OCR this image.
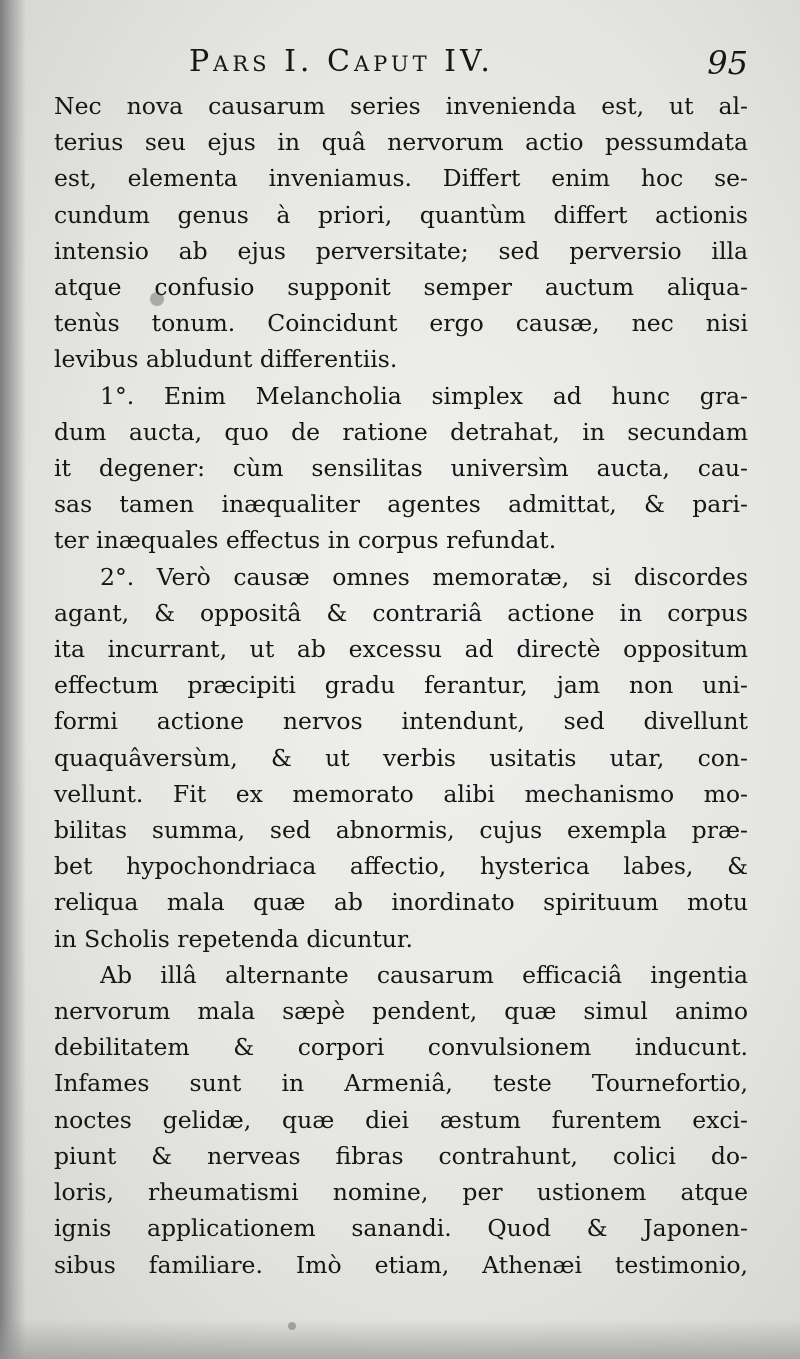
Pars I. Caput IV.	95
Nec nova causarum series invenienda est, ut al-
terius seu ejus in quâ nervorum actio pessumdata
est, elementa inveniamus. Differt enim hoc se-
cundum genus à priori, quantùm differt actionis
intensio ab ejus perversitate; sed perversio illa
atque confusio supponit semper auctum aliqua-
tenùs tonum. Coincidunt ergo causæ, nec nisi
levibus abludunt differentiis.
1°. Enim Melancholia simplex ad hunc gra-
dum aucta, quo de ratione detrahat, in secundam
it degener: cùm sensilitas universìm aucta, cau-
sas tamen inæqualiter agentes admittat, & pari-
ter inæquales effectus in corpus refundat.
2°. Verò causæ omnes memoratæ, si discordes
agant, & oppositâ & contrariâ actione in corpus
ita incurrant, ut ab excessu ad directè oppositum
effectum præcipiti gradu ferantur, jam non uni-
formi actione nervos intendunt, sed divellunt
quaquâversùm, & ut verbis usitatis utar, con-
vellunt. Fit ex memorato alibi mechanismo mo-
bilitas summa, sed abnormis, cujus exempla præ-
bet hypochondriaca affectio, hysterica labes, &
reliqua mala quæ ab inordinato spirituum motu
in Scholis repetenda dicuntur.
Ab illâ alternante causarum efficaciâ ingentia
nervorum mala sæpè pendent, quæ simul animo
debilitatem & corpori convulsionem inducunt.
Infames sunt in Armeniâ, teste Tournefortio,
noctes gelidæ, quæ diei æstum furentem exci-
piunt & nerveas fibras contrahunt, colici do-
loris, rheumatismi nomine, per ustionem atque
ignis applicationem sanandi. Quod & Japonen-
sibus familiare. Imò etiam, Athenæi testimonio,
